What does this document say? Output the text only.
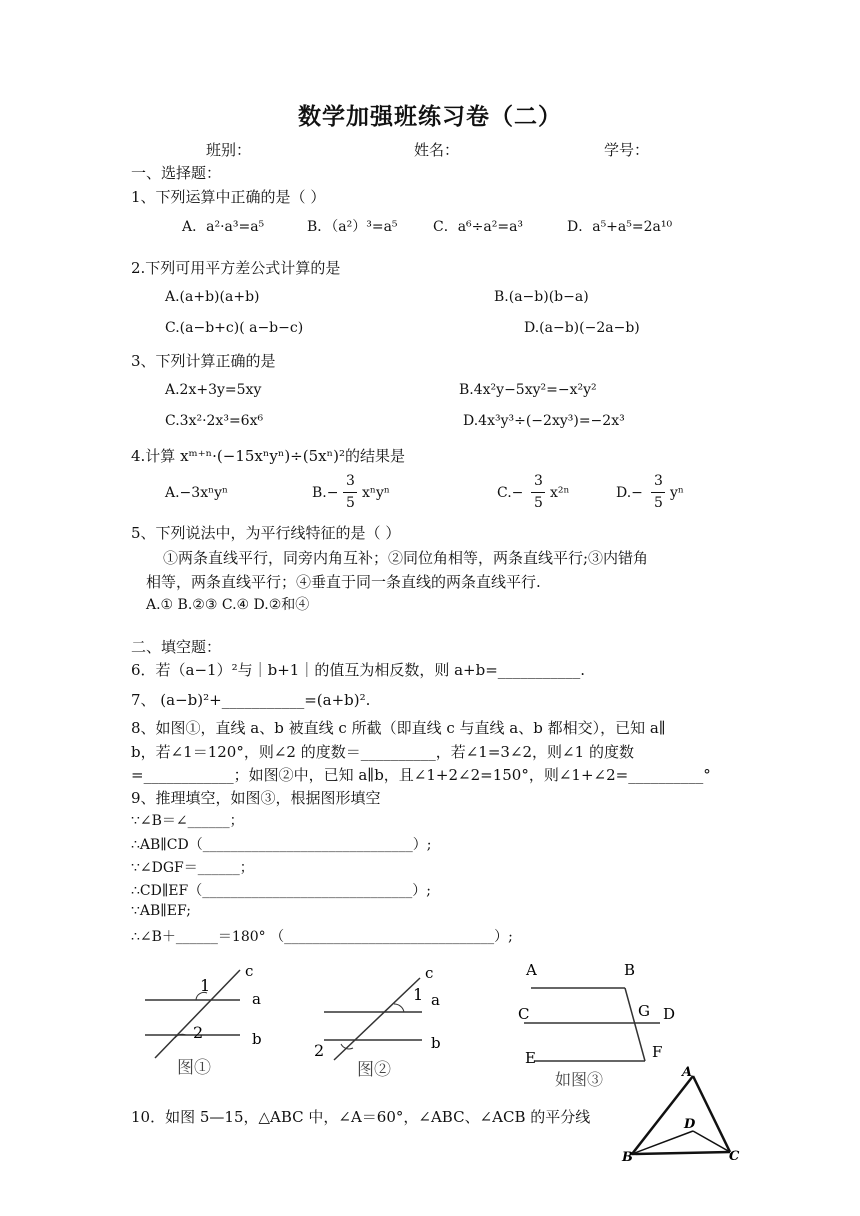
数学加强班练习卷（二）
班别：	姓名：	学号：
一、选择题：
1、下列运算中正确的是（ ）
A．a²·a³=a⁵	B．（a²）³=a⁵	C．a⁶÷a²=a³	D．a⁵+a⁵=2a¹⁰
2.下列可用平方差公式计算的是
A.(a+b)(a+b)	B.(a−b)(b−a)
C.(a−b+c)( a−b−c)	D.(a−b)(−2a−b)
3、下列计算正确的是
A.2x+3y=5xy	B.4x²y−5xy²=−x²y²
C.3x²·2x³=6x⁶	D.4x³y³÷(−2xy³)=−2x³
4.计算 xᵐ⁺ⁿ·(−15xⁿyⁿ)÷(5xⁿ)²的结果是
A.−3xⁿyⁿ	B.−
3
5
xⁿyⁿ	C.−
3
5
x²ⁿ	D.−
3
5
yⁿ
5、下列说法中，为平行线特征的是（ ）
①两条直线平行，同旁内角互补；②同位角相等，两条直线平行;③内错角
相等，两条直线平行；④垂直于同一条直线的两条直线平行.
A.① B.②③ C.④ D.②和④
二、填空题：
6．若（a−1）²与｜b+1｜的值互为相反数，则 a+b=___________.
7、 (a−b)²+___________=(a+b)².
8、如图①，直线 a、b 被直线 c 所截（即直线 c 与直线 a、b 都相交），已知 a∥
b，若∠1＝120°，则∠2 的度数＝__________，若∠1=3∠2，则∠1 的度数
=____________；如图②中，已知 a∥b，且∠1+2∠2=150°，则∠1+∠2=__________°
9、推理填空，如图③，根据图形填空
∵∠B＝∠______；
∴AB∥CD（______________________________）;
∵∠DGF＝______；
∴CD∥EF（______________________________）;
∵AB∥EF;
∴∠B＋______＝180° （______________________________）;
c
a
b
1
2
图①
c
a
b
1
2
图②
A	B
C	G D
E	F
如图③
10．如图 5—15，△ABC 中，∠A＝60°，∠ABC、∠ACB 的平分线
A
B	C
D
